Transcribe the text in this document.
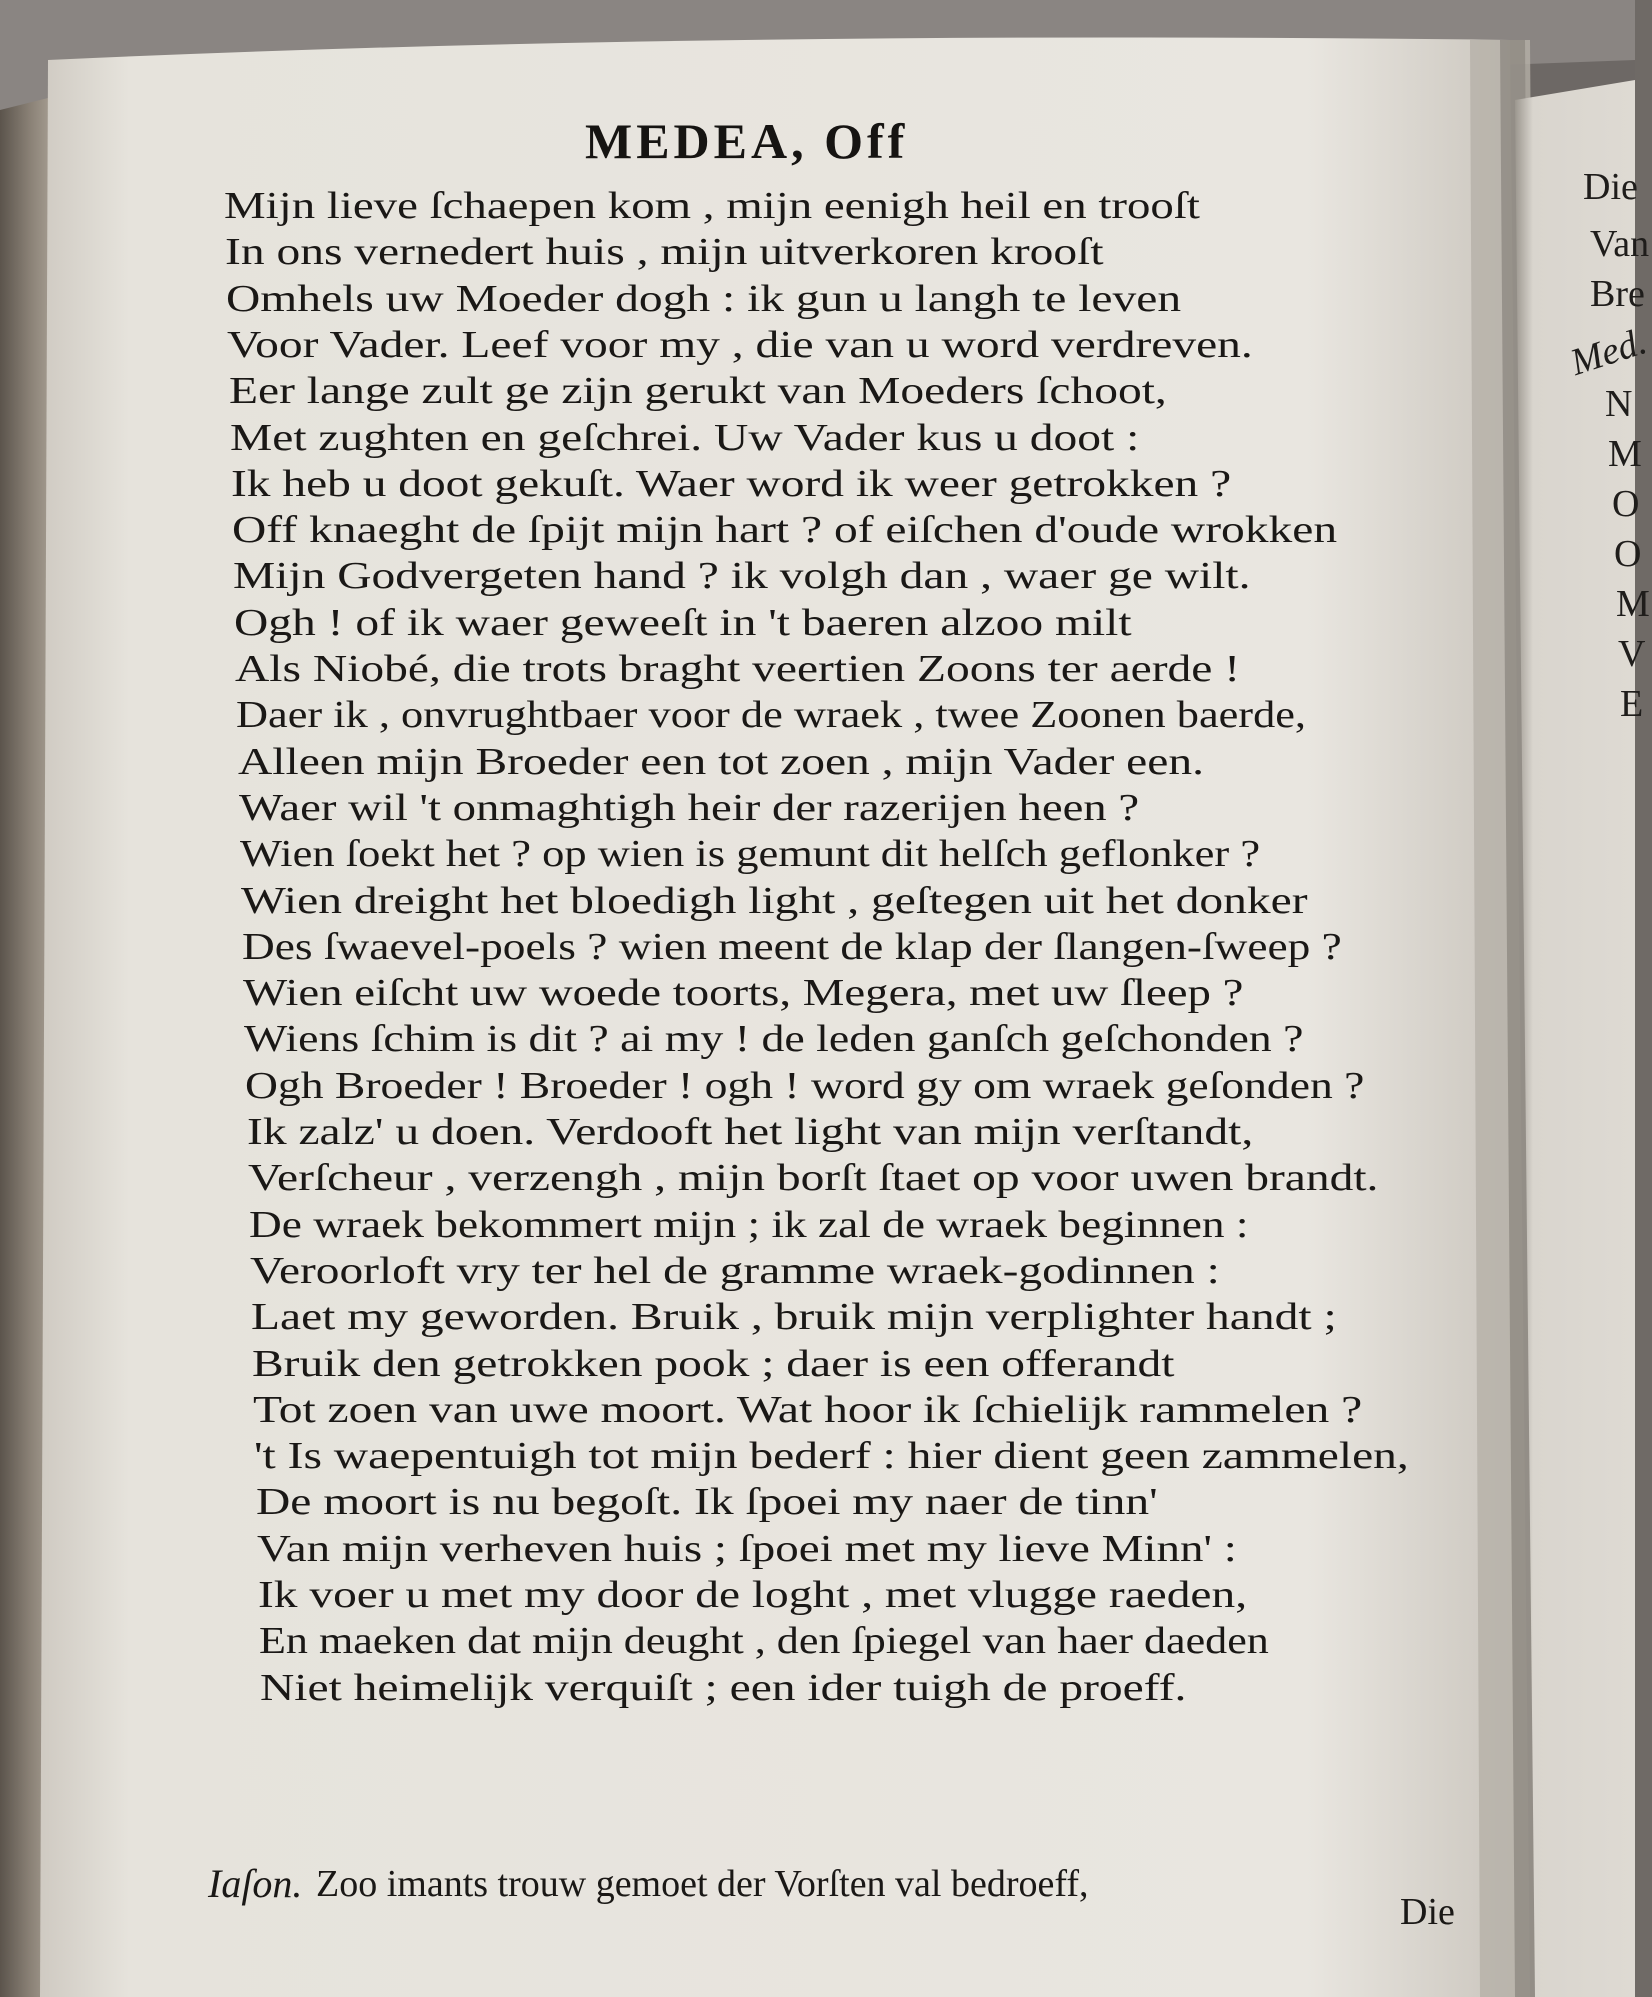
MEDEA, Off
Mijn lieve ſchaepen kom , mijn eenigh heil en trooſt
In ons vernedert huis , mijn uitverkoren krooſt
Omhels uw Moeder dogh : ik gun u langh te leven
Voor Vader. Leef voor my , die van u word verdreven.
Eer lange zult ge zijn gerukt van Moeders ſchoot,
Met zughten en geſchrei. Uw Vader kus u doot :
Ik heb u doot gekuſt. Waer word ik weer getrokken ?
Off knaeght de ſpijt mijn hart ? of eiſchen d'oude wrokken
Mijn Godvergeten hand ? ik volgh dan , waer ge wilt.
Ogh ! of ik waer geweeſt in 't baeren alzoo milt
Als Niobé, die trots braght veertien Zoons ter aerde !
Daer ik , onvrughtbaer voor de wraek , twee Zoonen baerde,
Alleen mijn Broeder een tot zoen , mijn Vader een.
Waer wil 't onmaghtigh heir der razerijen heen ?
Wien ſoekt het ? op wien is gemunt dit helſch geflonker ?
Wien dreight het bloedigh light , geſtegen uit het donker
Des ſwaevel-poels ? wien meent de klap der ſlangen-ſweep ?
Wien eiſcht uw woede toorts, Megera, met uw ſleep ?
Wiens ſchim is dit ? ai my ! de leden ganſch geſchonden ?
Ogh Broeder ! Broeder ! ogh ! word gy om wraek geſonden ?
Ik zalz' u doen. Verdooft het light van mijn verſtandt,
Verſcheur , verzengh , mijn borſt ſtaet op voor uwen brandt.
De wraek bekommert mijn ; ik zal de wraek beginnen :
Veroorloft vry ter hel de gramme wraek-godinnen :
Laet my geworden. Bruik , bruik mijn verplighter handt ;
Bruik den getrokken pook ; daer is een offerandt
Tot zoen van uwe moort. Wat hoor ik ſchielijk rammelen ?
't Is waepentuigh tot mijn bederf : hier dient geen zammelen,
De moort is nu begoſt. Ik ſpoei my naer de tinn'
Van mijn verheven huis ; ſpoei met my lieve Minn' :
Ik voer u met my door de loght , met vlugge raeden,
En maeken dat mijn deught , den ſpiegel van haer daeden
Niet heimelijk verquiſt ; een ider tuigh de proeff.
Iaſon. Zoo imants trouw gemoet der Vorſten val bedroeff,
Die
Die
Van
Bre
Med.
N
M
O
O
M
V
E
